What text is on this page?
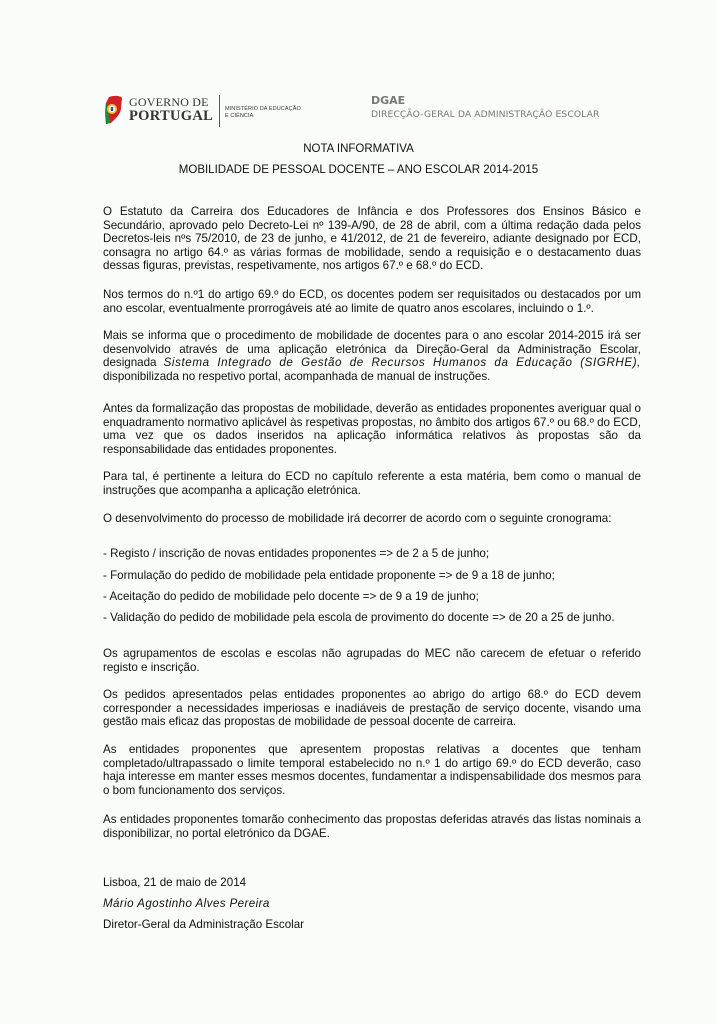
GOVERNO DE
PORTUGAL MINISTÉRIO DA EDUCAÇÃO
E CIÊNCIA
DGAE
DIRECÇÃO-GERAL DA ADMINISTRAÇÃO ESCOLAR
NOTA INFORMATIVA
MOBILIDADE DE PESSOAL DOCENTE – ANO ESCOLAR 2014-2015

O Estatuto da Carreira dos Educadores de Infância e dos Professores dos Ensinos Básico e Secundário, aprovado pelo Decreto-Lei nº 139-A/90, de 28 de abril, com a última redação dada pelos Decretos-leis nºs 75/2010, de 23 de junho, e 41/2012, de 21 de fevereiro, adiante designado por ECD, consagra no artigo 64.º as várias formas de mobilidade, sendo a requisição e o destacamento duas dessas figuras, previstas, respetivamente, nos artigos 67.º e 68.º do ECD.

Nos termos do n.º1 do artigo 69.º do ECD, os docentes podem ser requisitados ou destacados por um ano escolar, eventualmente prorrogáveis até ao limite de quatro anos escolares, incluindo o 1.º.

Mais se informa que o procedimento de mobilidade de docentes para o ano escolar 2014-2015 irá ser desenvolvido através de uma aplicação eletrónica da Direção-Geral da Administração Escolar, designada Sistema Integrado de Gestão de Recursos Humanos da Educação (SIGRHE), disponibilizada no respetivo portal, acompanhada de manual de instruções.

Antes da formalização das propostas de mobilidade, deverão as entidades proponentes averiguar qual o enquadramento normativo aplicável às respetivas propostas, no âmbito dos artigos 67.º ou 68.º do ECD, uma vez que os dados inseridos na aplicação informática relativos às propostas são da responsabilidade das entidades proponentes.

Para tal, é pertinente a leitura do ECD no capítulo referente a esta matéria, bem como o manual de instruções que acompanha a aplicação eletrónica.

O desenvolvimento do processo de mobilidade irá decorrer de acordo com o seguinte cronograma:

- Registo / inscrição de novas entidades proponentes => de 2 a 5 de junho;
- Formulação do pedido de mobilidade pela entidade proponente => de 9 a 18 de junho;
- Aceitação do pedido de mobilidade pelo docente => de 9 a 19 de junho;
- Validação do pedido de mobilidade pela escola de provimento do docente => de 20 a 25 de junho.

Os agrupamentos de escolas e escolas não agrupadas do MEC não carecem de efetuar o referido registo e inscrição.

Os pedidos apresentados pelas entidades proponentes ao abrigo do artigo 68.º do ECD devem corresponder a necessidades imperiosas e inadiáveis de prestação de serviço docente, visando uma gestão mais eficaz das propostas de mobilidade de pessoal docente de carreira.

As entidades proponentes que apresentem propostas relativas a docentes que tenham completado/ultrapassado o limite temporal estabelecido no n.º 1 do artigo 69.º do ECD deverão, caso haja interesse em manter esses mesmos docentes, fundamentar a indispensabilidade dos mesmos para o bom funcionamento dos serviços.

As entidades proponentes tomarão conhecimento das propostas deferidas através das listas nominais a disponibilizar, no portal eletrónico da DGAE.

Lisboa, 21 de maio de 2014
Mário Agostinho Alves Pereira
Diretor-Geral da Administração Escolar
